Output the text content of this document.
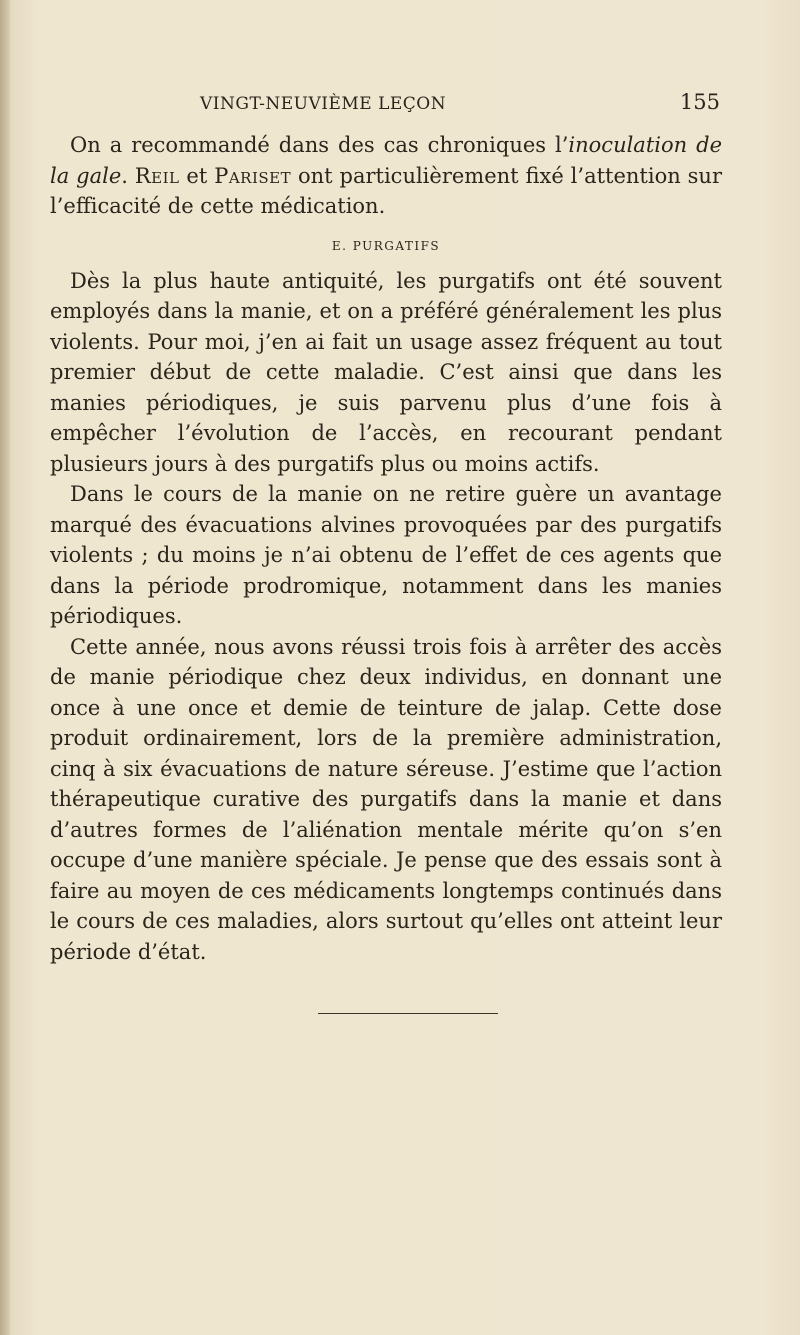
VINGT-NEUVIÈME LEÇON	155

On a recommandé dans des cas chroniques l’inoculation de la gale. Reil et Pariset ont particulièrement fixé l’attention sur l’efficacité de cette médication.

E. PURGATIFS

Dès la plus haute antiquité, les purgatifs ont été souvent employés dans la manie, et on a préféré généralement les plus violents. Pour moi, j’en ai fait un usage assez fréquent au tout premier début de cette maladie. C’est ainsi que dans les manies périodiques, je suis parvenu plus d’une fois à empêcher l’évolution de l’accès, en recourant pendant plusieurs jours à des purgatifs plus ou moins actifs.

Dans le cours de la manie on ne retire guère un avantage marqué des évacuations alvines provoquées par des purgatifs violents ; du moins je n’ai obtenu de l’effet de ces agents que dans la période prodromique, notamment dans les manies périodiques.

Cette année, nous avons réussi trois fois à arrêter des accès de manie périodique chez deux individus, en donnant une once à une once et demie de teinture de jalap. Cette dose produit ordinairement, lors de la première administration, cinq à six évacuations de nature séreuse. J’estime que l’action thérapeutique curative des purgatifs dans la manie et dans d’autres formes de l’aliénation mentale mérite qu’on s’en occupe d’une manière spéciale. Je pense que des essais sont à faire au moyen de ces médicaments longtemps continués dans le cours de ces maladies, alors surtout qu’elles ont atteint leur période d’état.
